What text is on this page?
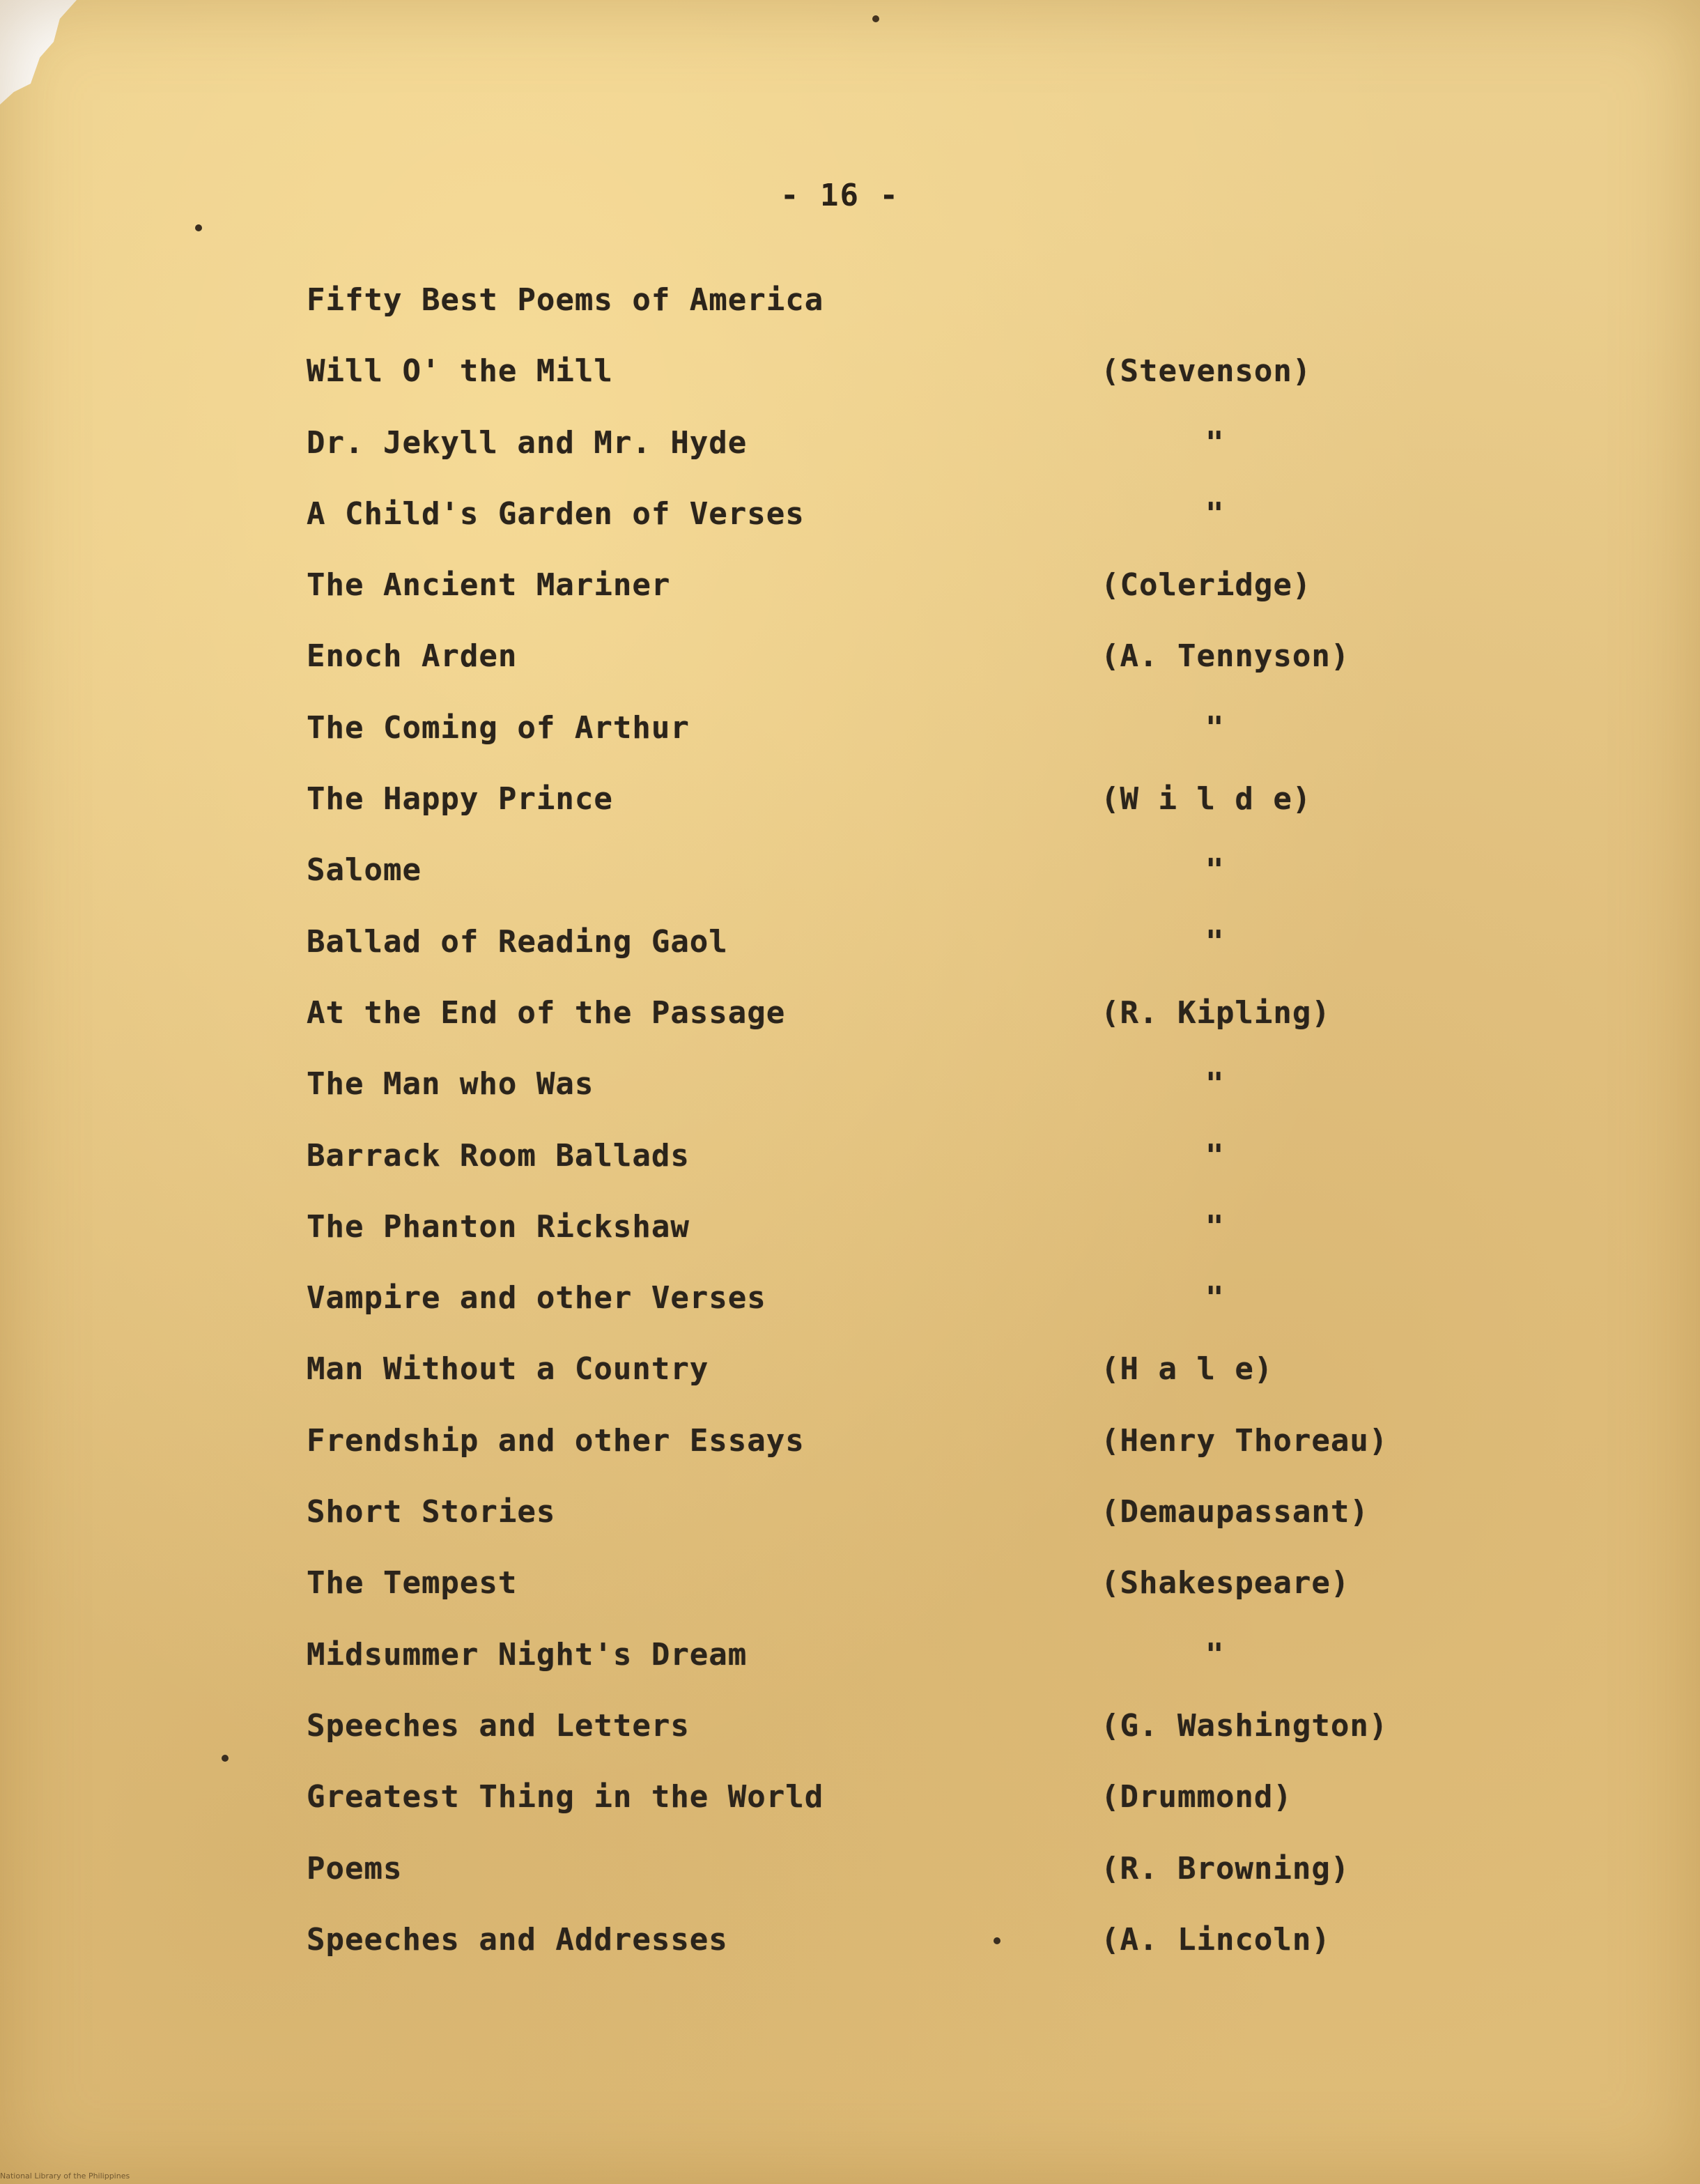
- 16 -
Fifty Best Poems of America
Will O' the Mill	(Stevenson)
Dr. Jekyll and Mr. Hyde	"
A Child's Garden of Verses	"
The Ancient Mariner	(Coleridge)
Enoch Arden	(A. Tennyson)
The Coming of Arthur	"
The Happy Prince	(W i l d e)
Salome	"
Ballad of Reading Gaol	"
At the End of the Passage	(R. Kipling)
The Man who Was	"
Barrack Room Ballads	"
The Phanton Rickshaw	"
Vampire and other Verses	"
Man Without a Country	(H a l e)
Frendship and other Essays	(Henry Thoreau)
Short Stories	(Demaupassant)
The Tempest	(Shakespeare)
Midsummer Night's Dream	"
Speeches and Letters	(G. Washington)
Greatest Thing in the World	(Drummond)
Poems	(R. Browning)
Speeches and Addresses	(A. Lincoln)
National Library of the Philippines
